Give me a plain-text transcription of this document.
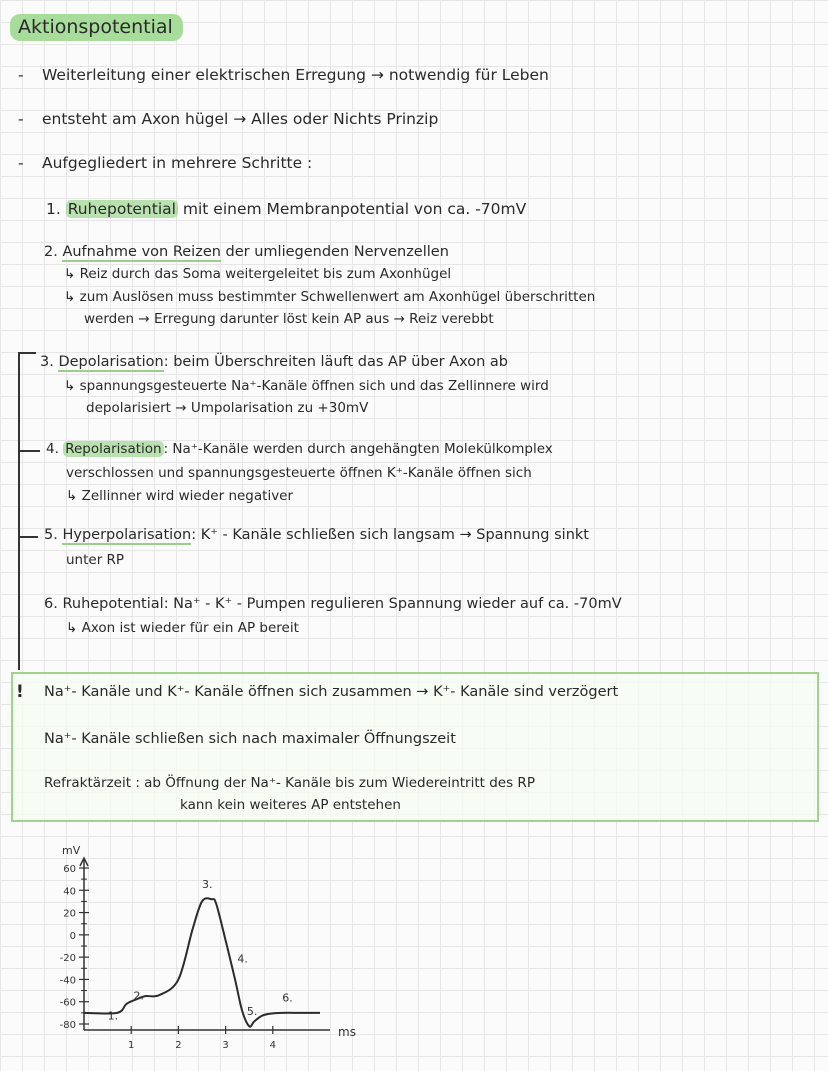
Aktionspotential
- Weiterleitung einer elektrischen Erregung → notwendig für Leben
- entsteht am Axon hügel → Alles oder Nichts Prinzip
- Aufgegliedert in mehrere Schritte :
1. Ruhepotential mit einem Membranpotential von ca. -70mV
2. Aufnahme von Reizen der umliegenden Nervenzellen
↳ Reiz durch das Soma weitergeleitet bis zum Axonhügel
↳ zum Auslösen muss bestimmter Schwellenwert am Axonhügel überschritten
werden → Erregung darunter löst kein AP aus → Reiz verebbt
3. Depolarisation: beim Überschreiten läuft das AP über Axon ab
↳ spannungsgesteuerte Na⁺-Kanäle öffnen sich und das Zellinnere wird
depolarisiert → Umpolarisation zu +30mV
4. Repolarisation : Na⁺-Kanäle werden durch angehängten Molekülkomplex
verschlossen und spannungsgesteuerte öffnen K⁺-Kanäle öffnen sich
↳ Zellinner wird wieder negativer
5. Hyperpolarisation: K⁺ - Kanäle schließen sich langsam → Spannung sinkt
unter RP
6. Ruhepotential: Na⁺ - K⁺ - Pumpen regulieren Spannung wieder auf ca. -70mV
↳ Axon ist wieder für ein AP bereit
! Na⁺- Kanäle und K⁺- Kanäle öffnen sich zusammen → K⁺- Kanäle sind verzögert
Na⁺- Kanäle schließen sich nach maximaler Öffnungszeit
Refraktärzeit : ab Öffnung der Na⁺- Kanäle bis zum Wiedereintritt des RP
kann kein weiteres AP entstehen
mV
60
40
20
0
-20
-40
-60
-80
1	2	3	4
ms
1.
2.
3.
4.
5.
6.
